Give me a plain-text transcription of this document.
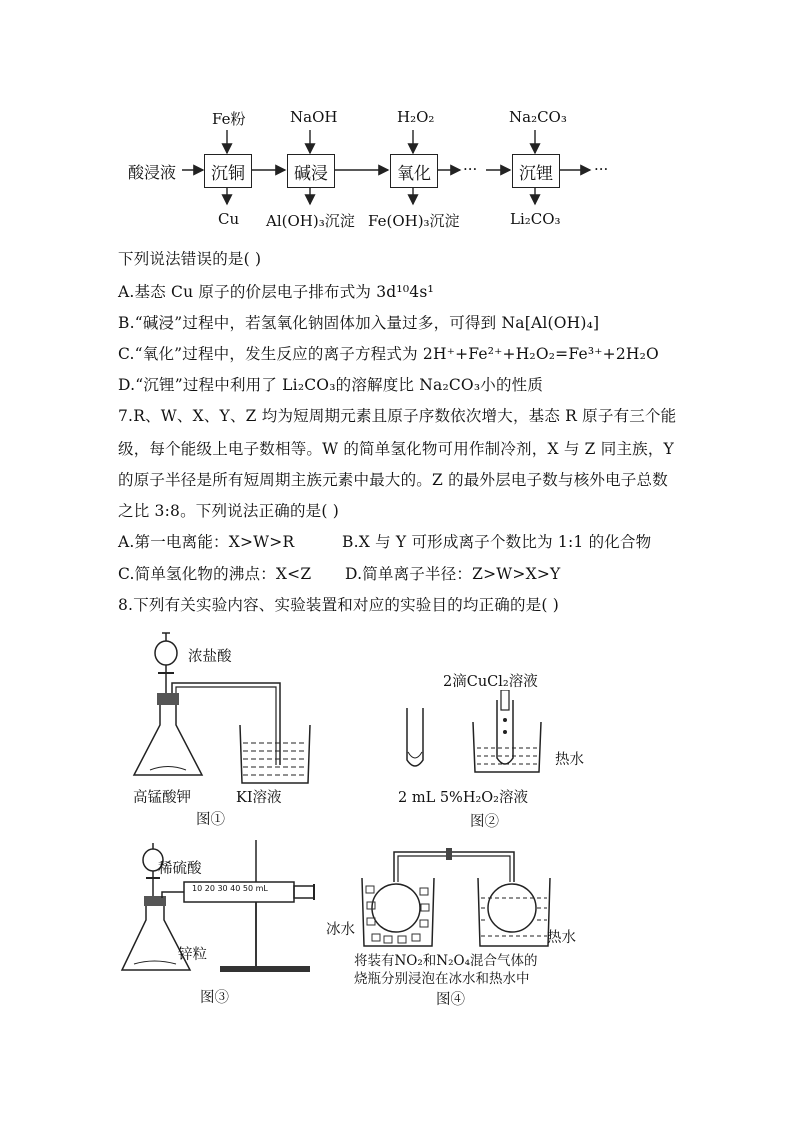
酸浸液	沉铜	碱浸	氧化	沉锂
Fe粉	NaOH	H₂O₂	Na₂CO₃
···	···
Cu Al(OH)₃沉淀 Fe(OH)₃沉淀	Li₂CO₃
下列说法错误的是( )
A.基态 Cu 原子的价层电子排布式为 3d¹⁰4s¹
B.“碱浸”过程中，若氢氧化钠固体加入量过多，可得到 Na[Al(OH)₄]
C.“氧化”过程中，发生反应的离子方程式为 2H⁺+Fe²⁺+H₂O₂=Fe³⁺+2H₂O
D.“沉锂”过程中利用了 Li₂CO₃的溶解度比 Na₂CO₃小的性质
7.R、W、X、Y、Z 均为短周期元素且原子序数依次增大，基态 R 原子有三个能
级，每个能级上电子数相等。W 的简单氢化物可用作制冷剂，X 与 Z 同主族，Y
的原子半径是所有短周期主族元素中最大的。Z 的最外层电子数与核外电子总数
之比 3:8。下列说法正确的是( )
A.第一电离能：X>W>R	B.X 与 Y 可形成离子个数比为 1:1 的化合物
C.简单氢化物的沸点：X<Z D.简单离子半径：Z>W>X>Y
8.下列有关实验内容、实验装置和对应的实验目的均正确的是( )
浓盐酸
高锰酸钾	KI溶液
图①
2滴CuCl₂溶液
热水
2 mL 5%H₂O₂溶液
图②
10 20 30 40 50 mL
稀硫酸
锌粒
图③
冰水	热水
将装有NO₂和N₂O₄混合气体的
烧瓶分别浸泡在冰水和热水中
图④
